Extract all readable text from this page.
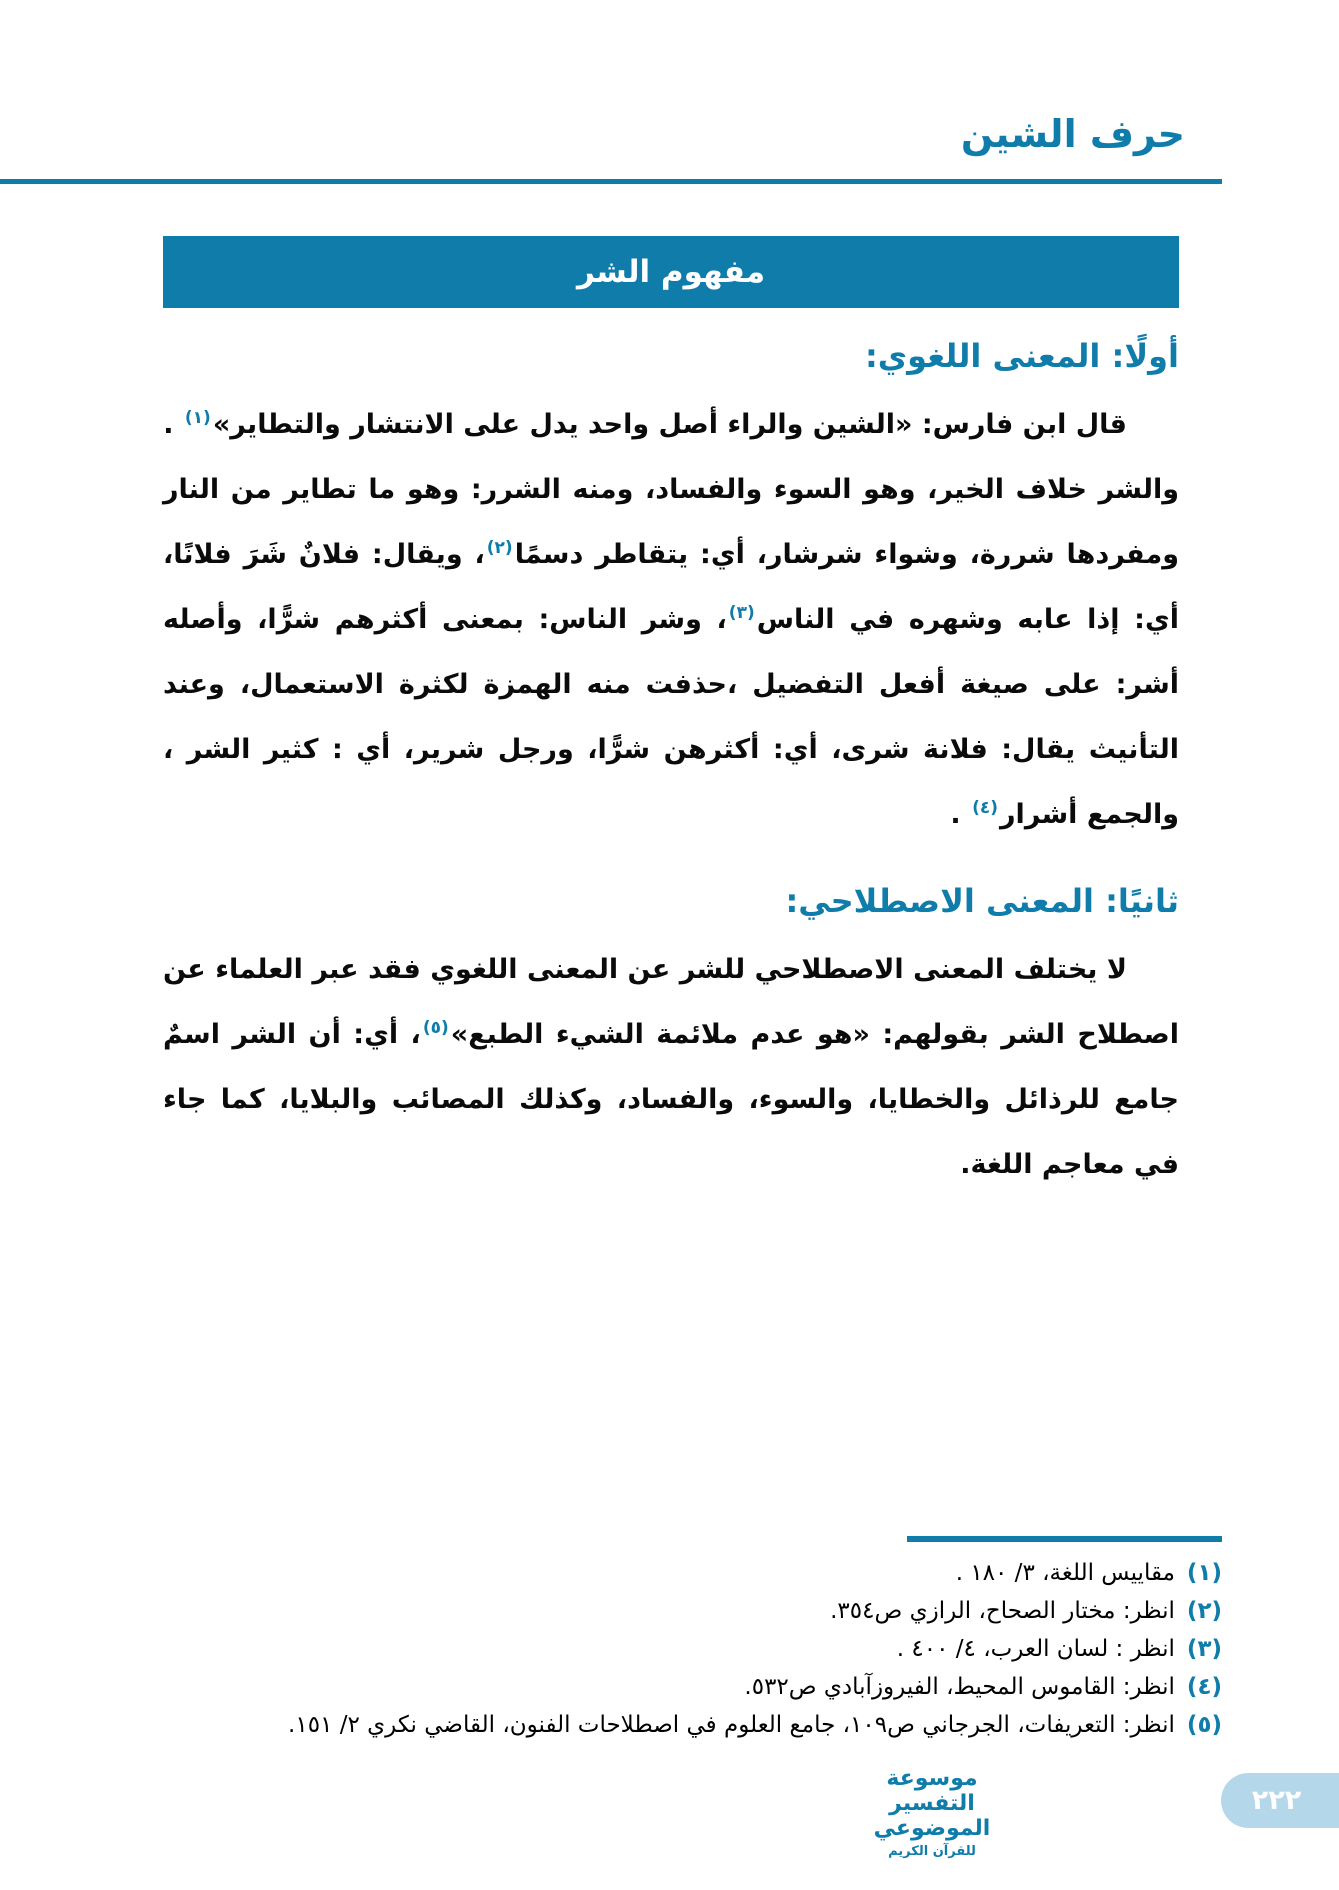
حرف الشين
مفهوم الشر
أولًا: المعنى اللغوي:

قال ابن فارس: «الشين والراء أصل واحد يدل على الانتشار والتطاير»$^{(١)}$ .

والشر خلاف الخير، وهو السوء والفساد، ومنه الشرر: وهو ما تطاير من النار ومفردها شررة، وشواء شرشار، أي: يتقاطر دسمًا$^{(٢)}$، ويقال: فلانٌ شَرَ فلانًا، أي: إذا عابه وشهره في الناس$^{(٣)}$، وشر الناس: بمعنى أكثرهم شرًّا، وأصله أشر: على صيغة أفعل التفضيل ،حذفت منه الهمزة لكثرة الاستعمال، وعند التأنيث يقال: فلانة شرى، أي: أكثرهن شرًّا، ورجل شرير، أي : كثير الشر ، والجمع أشرار$^{(٤)}$ .

ثانيًا: المعنى الاصطلاحي:

لا يختلف المعنى الاصطلاحي للشر عن المعنى اللغوي فقد عبر العلماء عن اصطلاح الشر بقولهم: «هو عدم ملائمة الشيء الطبع»$^{(٥)}$، أي: أن الشر اسمٌ جامع للرذائل والخطايا، والسوء، والفساد، وكذلك المصائب والبلايا، كما جاء في معاجم اللغة.

(١)مقاييس اللغة، ٣/ ١٨٠ .
(٢)انظر: مختار الصحاح، الرازي ص٣٥٤.
(٣)انظر : لسان العرب، ٤/ ٤٠٠ .
(٤)انظر: القاموس المحيط، الفيروزآبادي ص٥٣٢.
(٥)انظر: التعريفات، الجرجاني ص١٠٩، جامع العلوم في اصطلاحات الفنون، القاضي نكري ٢/ ١٥١.
موسوعة التفسير الموضوعي
للقرآن الكريم
٢٢٢
